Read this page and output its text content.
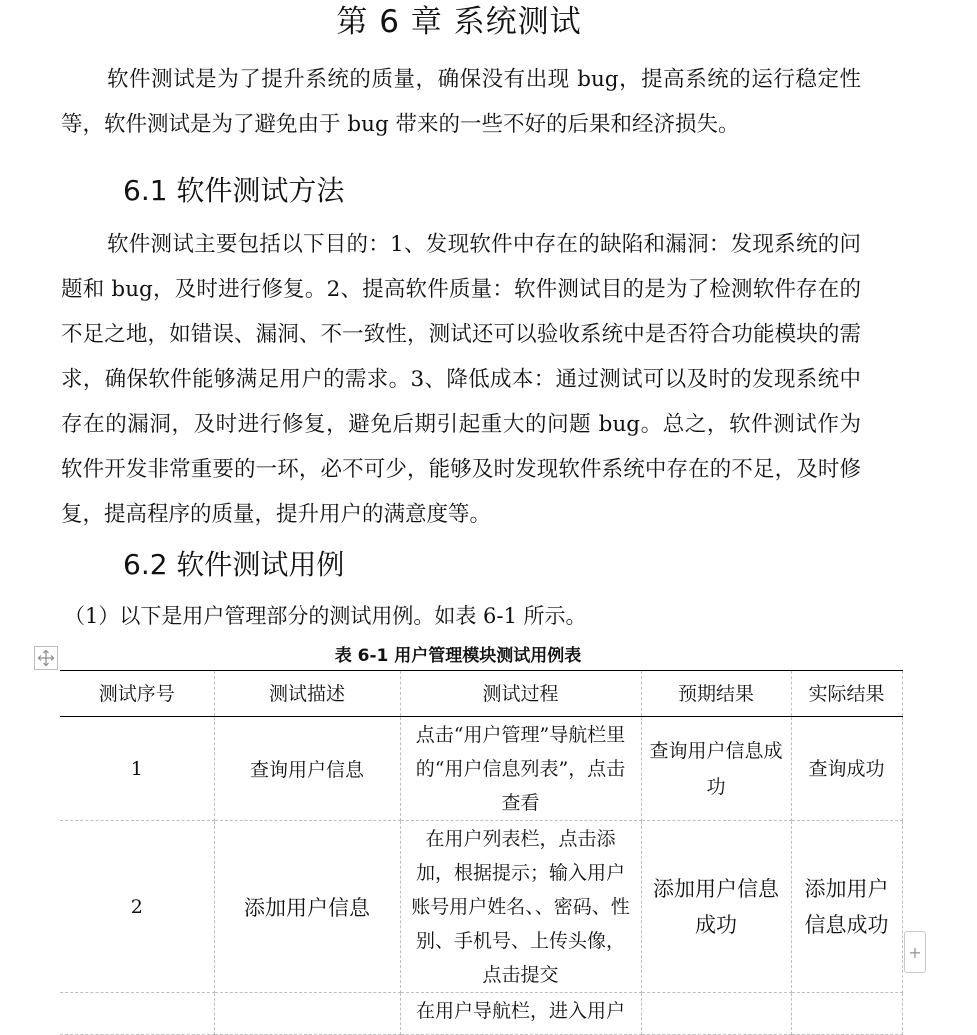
第 6 章 系统测试

软件测试是为了提升系统的质量，确保没有出现 bug，提高系统的运行稳定性等，软件测试是为了避免由于 bug 带来的一些不好的后果和经济损失。

6.1 软件测试方法

软件测试主要包括以下目的：1、发现软件中存在的缺陷和漏洞：发现系统的问题和 bug，及时进行修复。2、提高软件质量：软件测试目的是为了检测软件存在的不足之地，如错误、漏洞、不一致性，测试还可以验收系统中是否符合功能模块的需求，确保软件能够满足用户的需求。3、降低成本：通过测试可以及时的发现系统中存在的漏洞，及时进行修复，避免后期引起重大的问题 bug。总之，软件测试作为软件开发非常重要的一环，必不可少，能够及时发现软件系统中存在的不足，及时修复，提高程序的质量，提升用户的满意度等。

6.2 软件测试用例

（1）以下是用户管理部分的测试用例。如表 6-1 所示。

表 6-1 用户管理模块测试用例表
测试序号	测试描述	测试过程	预期结果	实际结果
1	查询用户信息	点击“用户管理”导航栏里的“用户信息列表”，点击查看	查询用户信息成功	查询成功
2	添加用户信息	在用户列表栏，点击添加，根据提示；输入用户账号用户姓名、、密码、性别、手机号、上传头像，点击提交	添加用户信息成功	添加用户信息成功
		在用户导航栏，进入用户		
+
